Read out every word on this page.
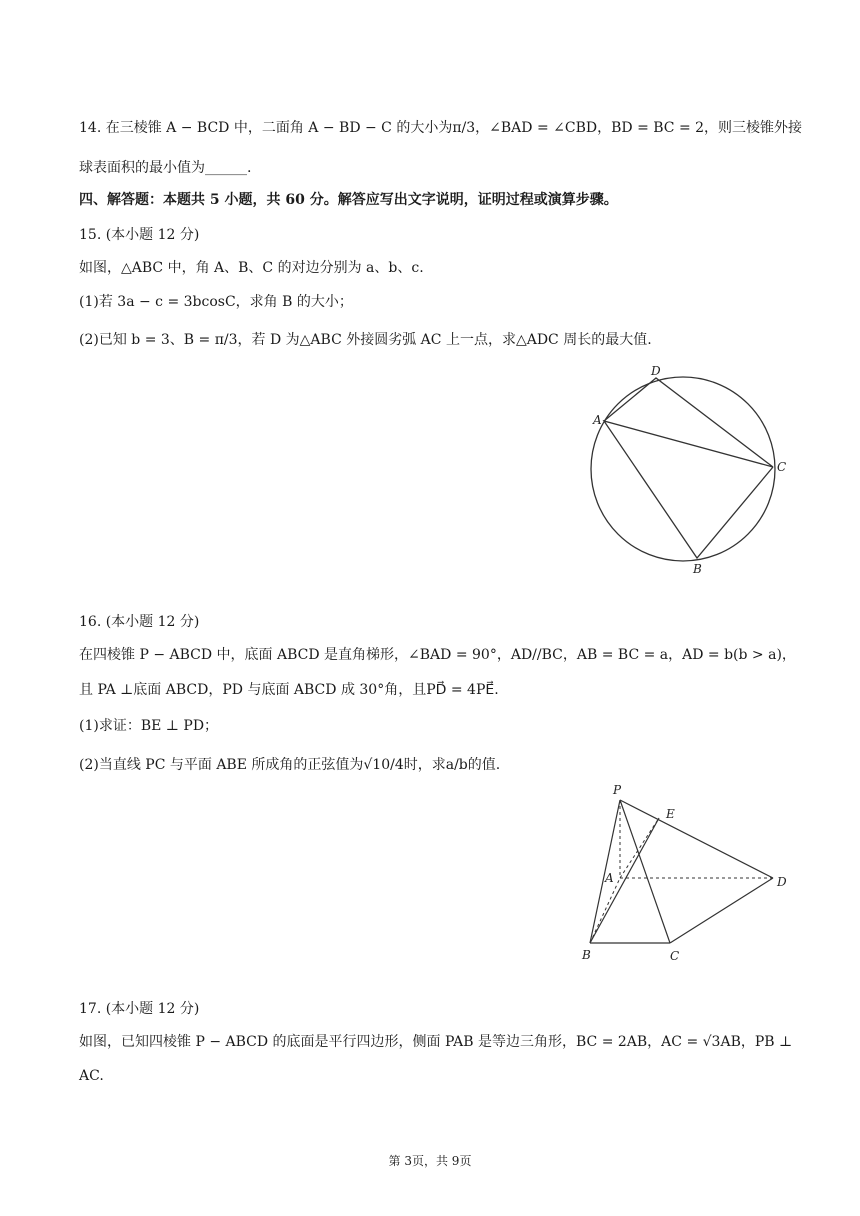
14. 在三棱锥 A − BCD 中，二面角 A − BD − C 的大小为π/3，∠BAD = ∠CBD，BD = BC = 2，则三棱锥外接
球表面积的最小值为______.
四、解答题：本题共 5 小题，共 60 分。解答应写出文字说明，证明过程或演算步骤。
15. (本小题 12 分)
如图，△ABC 中，角 A、B、C 的对边分别为 a、b、c.
(1)若 3a − c = 3bcosC，求角 B 的大小；
(2)已知 b = 3、B = π/3，若 D 为△ABC 外接圆劣弧 AC 上一点，求△ADC 周长的最大值.
A
D
C
B
16. (本小题 12 分)
在四棱锥 P − ABCD 中，底面 ABCD 是直角梯形，∠BAD = 90°，AD//BC，AB = BC = a，AD = b(b > a)，
且 PA ⊥底面 ABCD，PD 与底面 ABCD 成 30°角，且PD⃗ = 4PE⃗.
(1)求证：BE ⊥ PD；
(2)当直线 PC 与平面 ABE 所成角的正弦值为√10/4时，求a/b的值.
P
E
A	D
B	C
17. (本小题 12 分)
如图，已知四棱锥 P − ABCD 的底面是平行四边形，侧面 PAB 是等边三角形，BC = 2AB，AC = √3AB，PB ⊥
AC.
第 3页，共 9页
